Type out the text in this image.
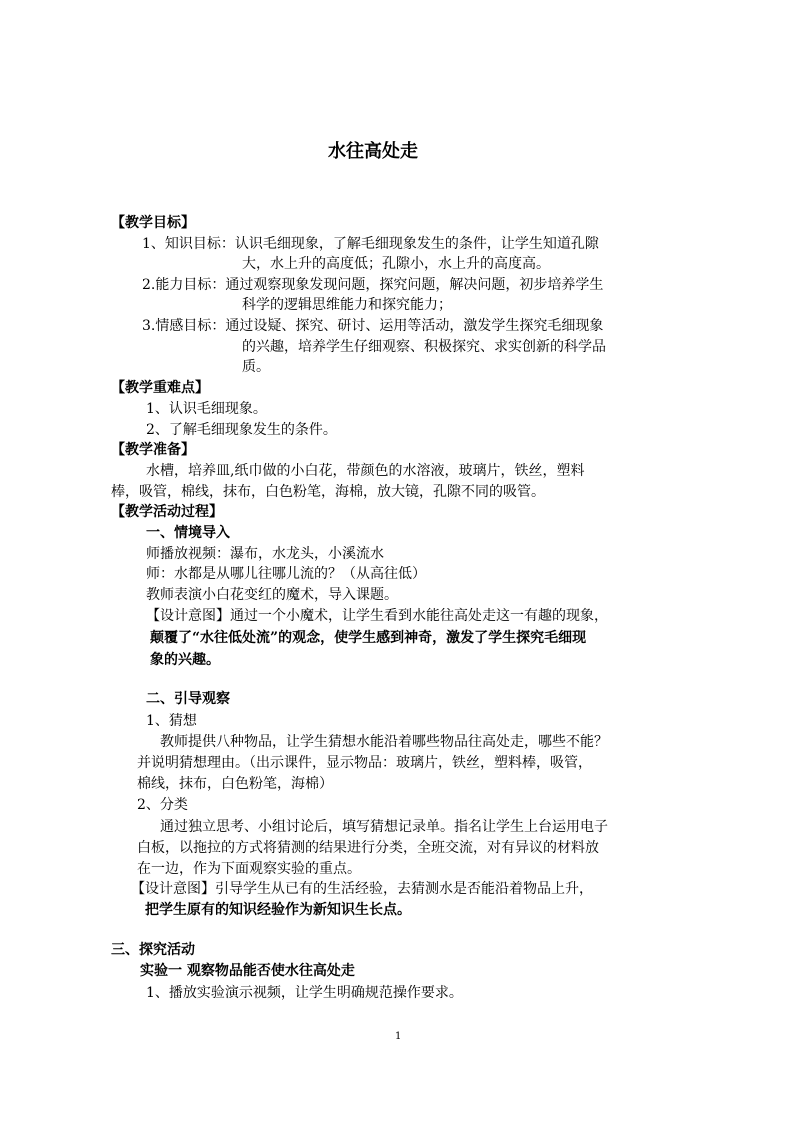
水往高处走
【教学目标】
1、知识目标：认识毛细现象，了解毛细现象发生的条件，让学生知道孔隙
大，水上升的高度低；孔隙小，水上升的高度高。
2.能力目标：通过观察现象发现问题，探究问题，解决问题，初步培养学生
科学的逻辑思维能力和探究能力；
3.情感目标：通过设疑、探究、研讨、运用等活动，激发学生探究毛细现象
的兴趣，培养学生仔细观察、积极探究、求实创新的科学品
质。
【教学重难点】
1、认识毛细现象。
2、了解毛细现象发生的条件。
【教学准备】
水槽，培养皿,纸巾做的小白花，带颜色的水溶液，玻璃片，铁丝，塑料
棒，吸管，棉线，抹布，白色粉笔，海棉，放大镜，孔隙不同的吸管。
【教学活动过程】
一、情境导入
师播放视频：瀑布，水龙头，小溪流水
师：水都是从哪儿往哪儿流的？（从高往低）
教师表演小白花变红的魔术，导入课题。
【设计意图】通过一个小魔术，让学生看到水能往高处走这一有趣的现象，
颠覆了“水往低处流”的观念，使学生感到神奇，激发了学生探究毛细现
象的兴趣。
二、引导观察
1、猜想
教师提供八种物品，让学生猜想水能沿着哪些物品往高处走，哪些不能？
并说明猜想理由。（出示课件，显示物品：玻璃片，铁丝，塑料棒，吸管，
棉线，抹布，白色粉笔，海棉）
2、分类
通过独立思考、小组讨论后，填写猜想记录单。指名让学生上台运用电子
白板，以拖拉的方式将猜测的结果进行分类，全班交流，对有异议的材料放
在一边，作为下面观察实验的重点。
【设计意图】引导学生从已有的生活经验，去猜测水是否能沿着物品上升，
把学生原有的知识经验作为新知识生长点。
三、探究活动
实验一 观察物品能否使水往高处走
1、播放实验演示视频，让学生明确规范操作要求。
1
